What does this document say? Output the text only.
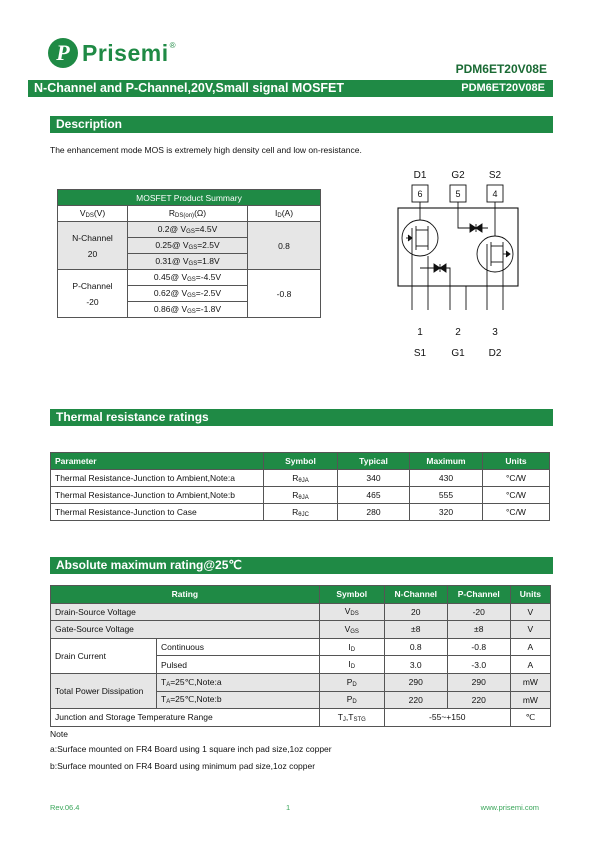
P Prisemi ®
PDM6ET20V08E
N-Channel and P-Channel,20V,Small signal MOSFET	PDM6ET20V08E
Description
The enhancement mode MOS is extremely high density cell and low on-resistance.
MOSFET Product Summary		
$V_{DS}(V)$	$R_{DS(on)}(\Omega)$	$I_D(A)$

N-Channel
20	0.2@ $V_{GS}=4.5V$	0.8
	0.25@ $V_{GS}=2.5V$	
	0.31@ $V_{GS}=1.8V$	

P-Channel
-20	0.45@ $V_{GS}=-4.5V$	-0.8
	0.62@ $V_{GS}=-2.5V$	
	0.86@ $V_{GS}=-1.8V$	
D1 G2 S2
1	2	3
S1	G1 D2
6	5	4
Thermal resistance ratings
Parameter	Symbol	Typical	Maximum	Units
Thermal Resistance-Junction to Ambient,Note:a	$R_{\theta JA}$	340	430	°C/W
Thermal Resistance-Junction to Ambient,Note:b	$R_{\theta JA}$	465	555	°C/W
Thermal Resistance-Junction to Case	$R_{\theta JC}$	280	320	°C/W
Absolute maximum rating@25℃
Rating		Symbol	N-Channel	P-Channel	Units
Drain-Source Voltage		$V_{DS}$	20	-20	V
Gate-Source Voltage		$V_{GS}$	±8	±8	V
Drain Current	Continuous	$I_D$	0.8	-0.8	A
	Pulsed	$I_D$	3.0	-3.0	A
Total Power Dissipation	$T_A=25℃,Note:a$	$P_D$	290	290	mW
	$T_A=25℃,Note:b$	$P_D$	220	220	mW
Junction and Storage Temperature Range		$T_J,T_{STG}$	-55~+150		℃
Note
a:Surface mounted on FR4 Board using 1 square inch pad size,1oz copper
b:Surface mounted on FR4 Board using minimum pad size,1oz copper
Rev.06.4	1	www.prisemi.com
